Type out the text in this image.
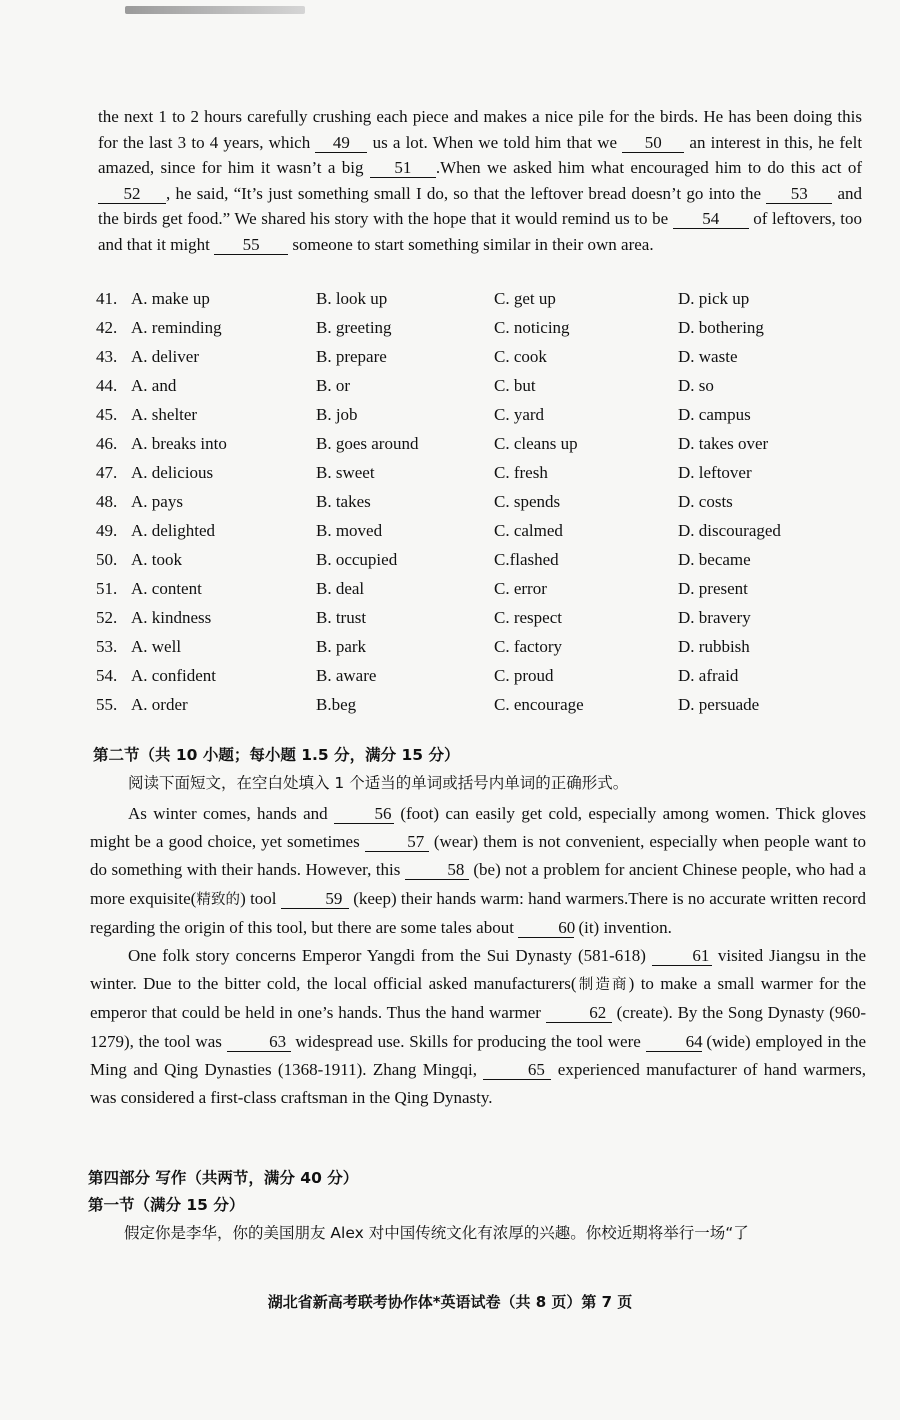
the next 1 to 2 hours carefully crushing each piece and makes a nice pile for the birds. He has been doing this for the last 3 to 4 years, which 49 us a lot. When we told him that we 50 an interest in this, he felt amazed, since for him it wasn’t a big 51 .When we asked him what encouraged him to do this act of 52 , he said, “It’s just something small I do, so that the leftover bread doesn’t go into the 53 and the birds get food.” We shared his story with the hope that it would remind us to be 54 of leftovers, too and that it might 55 someone to start something similar in their own area.

41. A. make up	B. look up	C. get up	D. pick up
42. A. reminding	B. greeting	C. noticing	D. bothering
43. A. deliver	B. prepare	C. cook	D. waste
44. A. and	B. or	C. but	D. so
45. A. shelter	B. job	C. yard	D. campus
46. A. breaks into	B. goes around	C. cleans up	D. takes over
47. A. delicious	B. sweet	C. fresh	D. leftover
48. A. pays	B. takes	C. spends	D. costs
49. A. delighted	B. moved	C. calmed	D. discouraged
50. A. took	B. occupied	C.flashed	D. became
51. A. content	B. deal	C. error	D. present
52. A. kindness	B. trust	C. respect	D. bravery
53. A. well	B. park	C. factory	D. rubbish
54. A. confident	B. aware	C. proud	D. afraid
55. A. order	B.beg	C. encourage	D. persuade
第二节（共 10 小题；每小题 1.5 分，满分 15 分）
阅读下面短文，在空白处填入 1 个适当的单词或括号内单词的正确形式。

As winter comes, hands and	56 (foot) can easily get cold, especially among women. Thick gloves might be a good choice, yet sometimes	57 (wear) them is not convenient, especially when people want to do something with their hands. However, this	58 (be) not a problem for ancient Chinese people, who had a more exquisite(精致的) tool	59 (keep) their hands warm: hand warmers.There is no accurate written record regarding the origin of this tool, but there are some tales about	60 (it) invention.

One folk story concerns Emperor Yangdi from the Sui Dynasty (581-618)	61 visited Jiangsu in the winter. Due to the bitter cold, the local official asked manufacturers(制造商) to make a small warmer for the emperor that could be held in one’s hands. Thus the hand warmer	62 (create). By the Song Dynasty (960-1279), the tool was	63 widespread use. Skills for producing the tool were	64 (wide) employed in the Ming and Qing Dynasties (1368-1911). Zhang Mingqi,	65 experienced manufacturer of hand warmers, was considered a first-class craftsman in the Qing Dynasty.

第四部分 写作（共两节，满分 40 分）
第一节（满分 15 分）
假定你是李华，你的美国朋友 Alex 对中国传统文化有浓厚的兴趣。你校近期将举行一场“了
湖北省新高考联考协作体*英语试卷（共 8 页）第 7 页
